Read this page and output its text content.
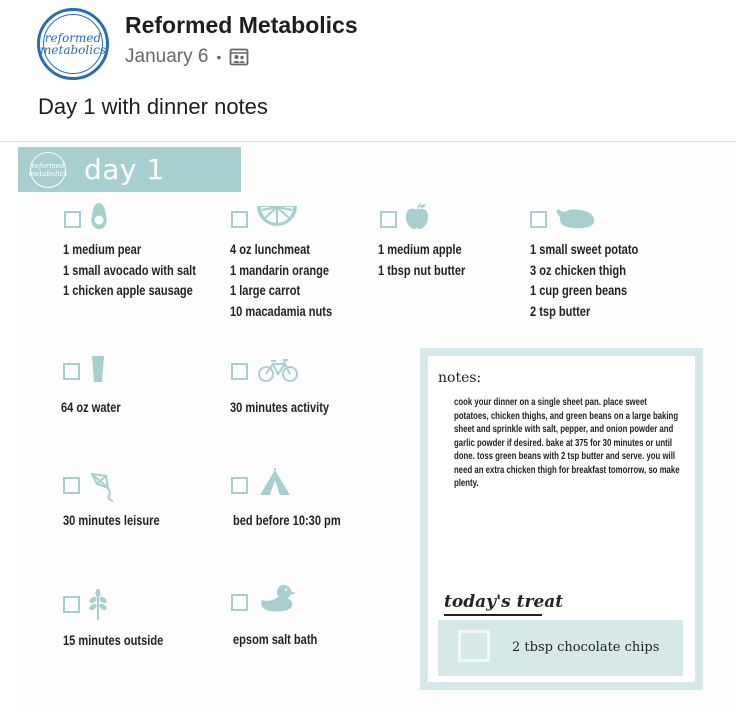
reformed
metabolics
Reformed Metabolics
January 6 •
Day 1 with dinner notes
reformed
metabolics day 1
1 medium pear
1 small avocado with salt
1 chicken apple sausage
4 oz lunchmeat
1 mandarin orange
1 large carrot
10 macadamia nuts
1 medium apple
1 tbsp nut butter
1 small sweet potato
3 oz chicken thigh
1 cup green beans
2 tsp butter
64 oz water	30 minutes activity
30 minutes leisure	bed before 10:30 pm
15 minutes outside	epsom salt bath
notes:
cook your dinner on a single sheet pan. place sweet potatoes, chicken thighs, and green beans on a large baking sheet and sprinkle with salt, pepper, and onion powder and garlic powder if desired. bake at 375 for 30 minutes or until done. toss green beans with 2 tsp butter and serve. you will need an extra chicken thigh for breakfast tomorrow, so make plenty.
today's treat
2 tbsp chocolate chips
